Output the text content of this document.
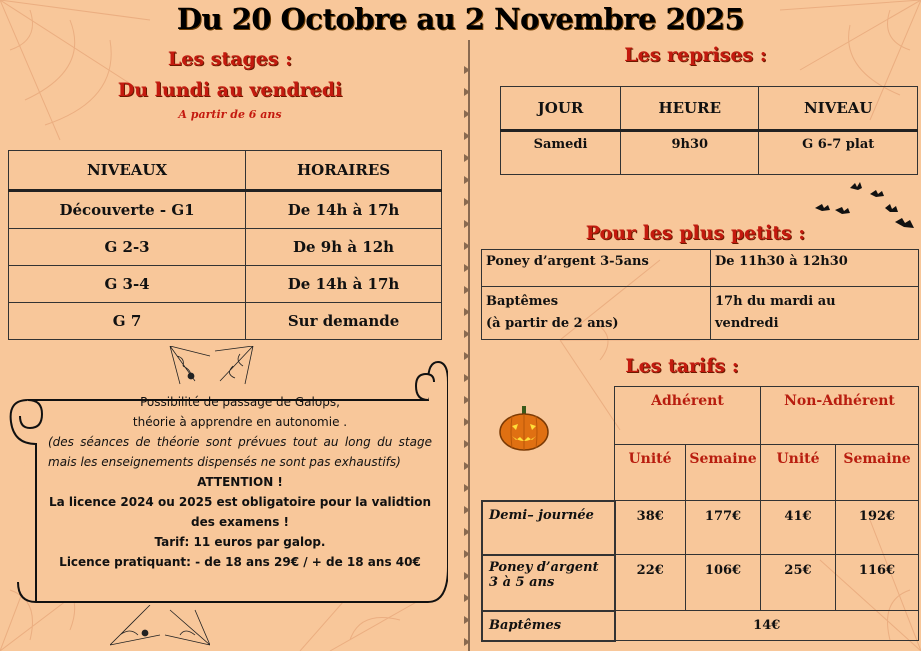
Du 20 Octobre au 2 Novembre 2025
Les stages :
Du lundi au vendredi
A partir de 6 ans
NIVEAUX	HORAIRES
Découverte - G1	De 14h à 17h
G 2-3	De 9h à 12h
G 3-4	De 14h à 17h
G 7	Sur demande
Possibilité de passage de Galops,
théorie à apprendre en autonomie .
(des séances de théorie sont prévues tout au long du stage mais les enseignements dispensés ne sont pas exhaustifs)
ATTENTION !
La licence 2024 ou 2025 est obligatoire pour la validtion des examens !
Tarif: 11 euros par galop.
Licence pratiquant: - de 18 ans 29€ / + de 18 ans 40€
Les reprises :
JOUR	HEURE	NIVEAU
Samedi	9h30	G 6-7 plat
Pour les plus petits :
Poney d’argent 3-5ans	De 11h30 à 12h30
Baptêmes
(à partir de 2 ans)	17h du mardi au
vendredi
Les tarifs :
	Adhérent		Non-Adhérent	
	Unité	Semaine	Unité	Semaine
Demi– journée	38€	177€	41€	192€
Poney d’argent
3 à 5 ans	22€	106€	25€	116€
Baptêmes	14€			
